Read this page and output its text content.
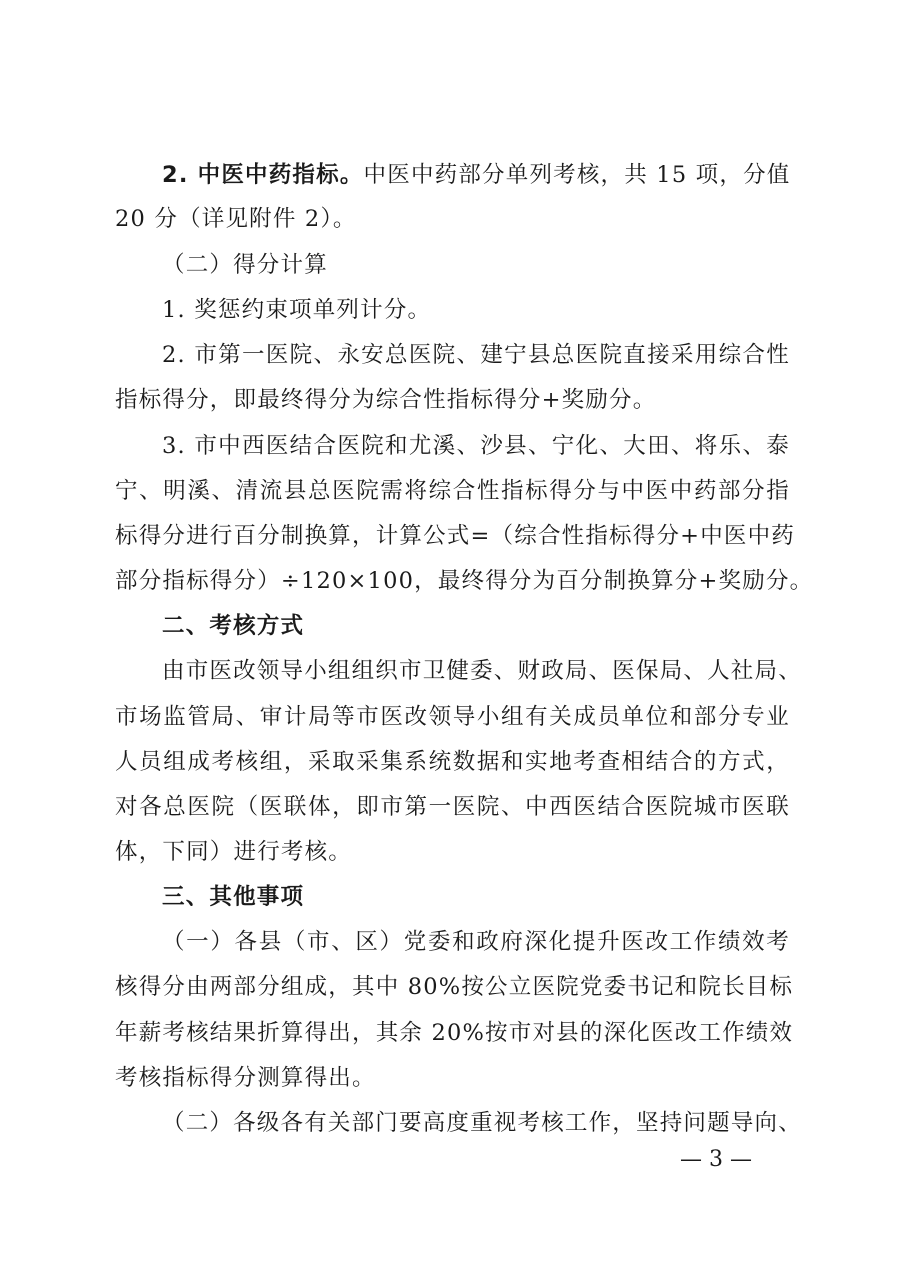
2. 中医中药指标。中医中药部分单列考核，共 15 项，分值
20 分（详见附件 2）。
（二）得分计算
1. 奖惩约束项单列计分。
2. 市第一医院、永安总医院、建宁县总医院直接采用综合性
指标得分，即最终得分为综合性指标得分+奖励分。
3. 市中西医结合医院和尤溪、沙县、宁化、大田、将乐、泰
宁、明溪、清流县总医院需将综合性指标得分与中医中药部分指
标得分进行百分制换算，计算公式=（综合性指标得分+中医中药
部分指标得分）÷120×100，最终得分为百分制换算分+奖励分。
二、考核方式
由市医改领导小组组织市卫健委、财政局、医保局、人社局、
市场监管局、审计局等市医改领导小组有关成员单位和部分专业
人员组成考核组，采取采集系统数据和实地考查相结合的方式，
对各总医院（医联体，即市第一医院、中西医结合医院城市医联
体，下同）进行考核。
三、其他事项
（一）各县（市、区）党委和政府深化提升医改工作绩效考
核得分由两部分组成，其中 80%按公立医院党委书记和院长目标
年薪考核结果折算得出，其余 20%按市对县的深化医改工作绩效
考核指标得分测算得出。
（二）各级各有关部门要高度重视考核工作，坚持问题导向、
— 3 —
